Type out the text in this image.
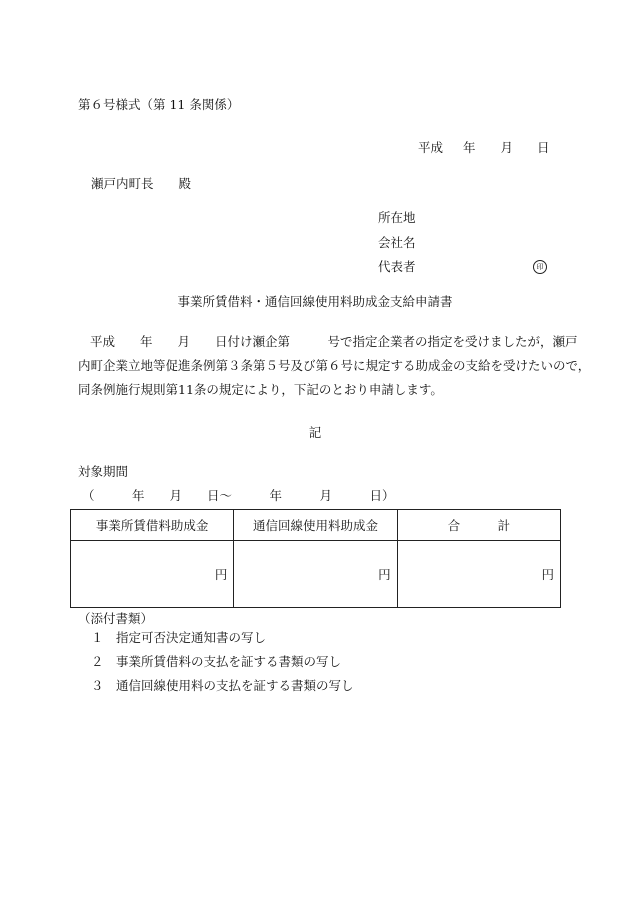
第６号様式（第 11 条関係）
平成 年 月 日
瀬戸内町長　　殿
所在地
会社名
代表者	印
事業所賃借料・通信回線使用料助成金支給申請書
平成　　年　　月　　日付け瀬企第　　　号で指定企業者の指定を受けましたが，瀬戸
内町企業立地等促進条例第３条第５号及び第６号に規定する助成金の支給を受けたいので，
同条例施行規則第11条の規定により，下記のとおり申請します。
記
対象期間
（　　　年　　月　　日～　　　年　　　月　　　日）
事業所賃借料助成金	通信回線使用料助成金	合　　　計
円	円	円
（添付書類）
１　指定可否決定通知書の写し
２　事業所賃借料の支払を証する書類の写し
３　通信回線使用料の支払を証する書類の写し
